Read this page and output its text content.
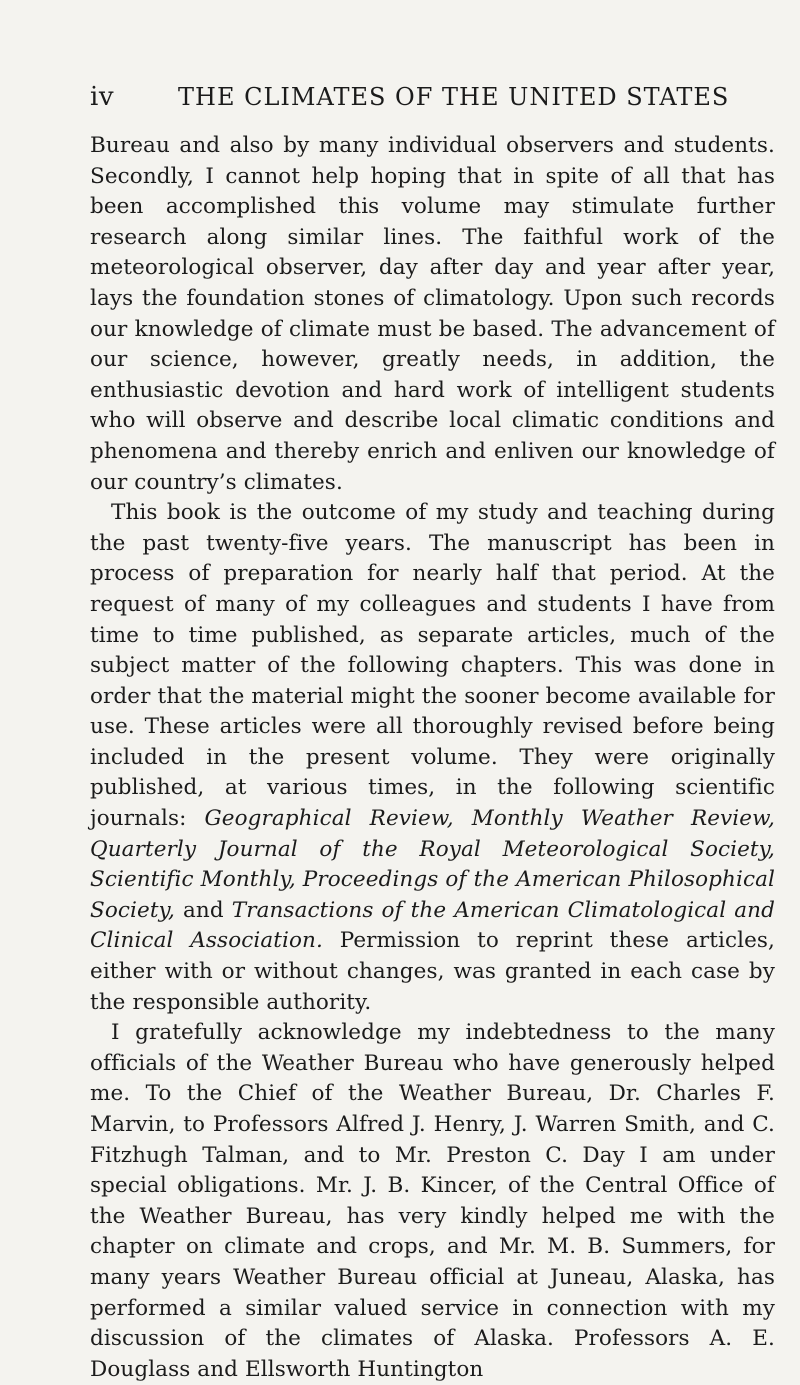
iv	THE CLIMATES OF THE UNITED STATES

Bureau and also by many individual observers and students. Secondly, I cannot help hoping that in spite of all that has been accomplished this volume may stimulate further research along similar lines. The faithful work of the meteorological observer, day after day and year after year, lays the foundation stones of climatology. Upon such records our knowledge of climate must be based. The advancement of our science, however, greatly needs, in addition, the enthusiastic devotion and hard work of intelligent students who will observe and describe local climatic conditions and phenomena and thereby enrich and enliven our knowledge of our country’s climates.

This book is the outcome of my study and teaching during the past twenty-five years. The manuscript has been in process of preparation for nearly half that period. At the request of many of my colleagues and students I have from time to time published, as separate articles, much of the subject matter of the following chapters. This was done in order that the material might the sooner become available for use. These articles were all thoroughly revised before being included in the present volume. They were originally published, at various times, in the following scientific journals: Geographical Review, Monthly Weather Review, Quarterly Journal of the Royal Meteorological Society, Scientific Monthly, Proceedings of the American Philosophical Society, and Transactions of the American Climatological and Clinical Association. Permission to reprint these articles, either with or without changes, was granted in each case by the responsible authority.

I gratefully acknowledge my indebtedness to the many officials of the Weather Bureau who have generously helped me. To the Chief of the Weather Bureau, Dr. Charles F. Marvin, to Professors Alfred J. Henry, J. Warren Smith, and C. Fitzhugh Talman, and to Mr. Preston C. Day I am under special obligations. Mr. J. B. Kincer, of the Central Office of the Weather Bureau, has very kindly helped me with the chapter on climate and crops, and Mr. M. B. Summers, for many years Weather Bureau official at Juneau, Alaska, has performed a similar valued service in connection with my discussion of the climates of Alaska. Professors A. E. Douglass and Ellsworth Huntington
